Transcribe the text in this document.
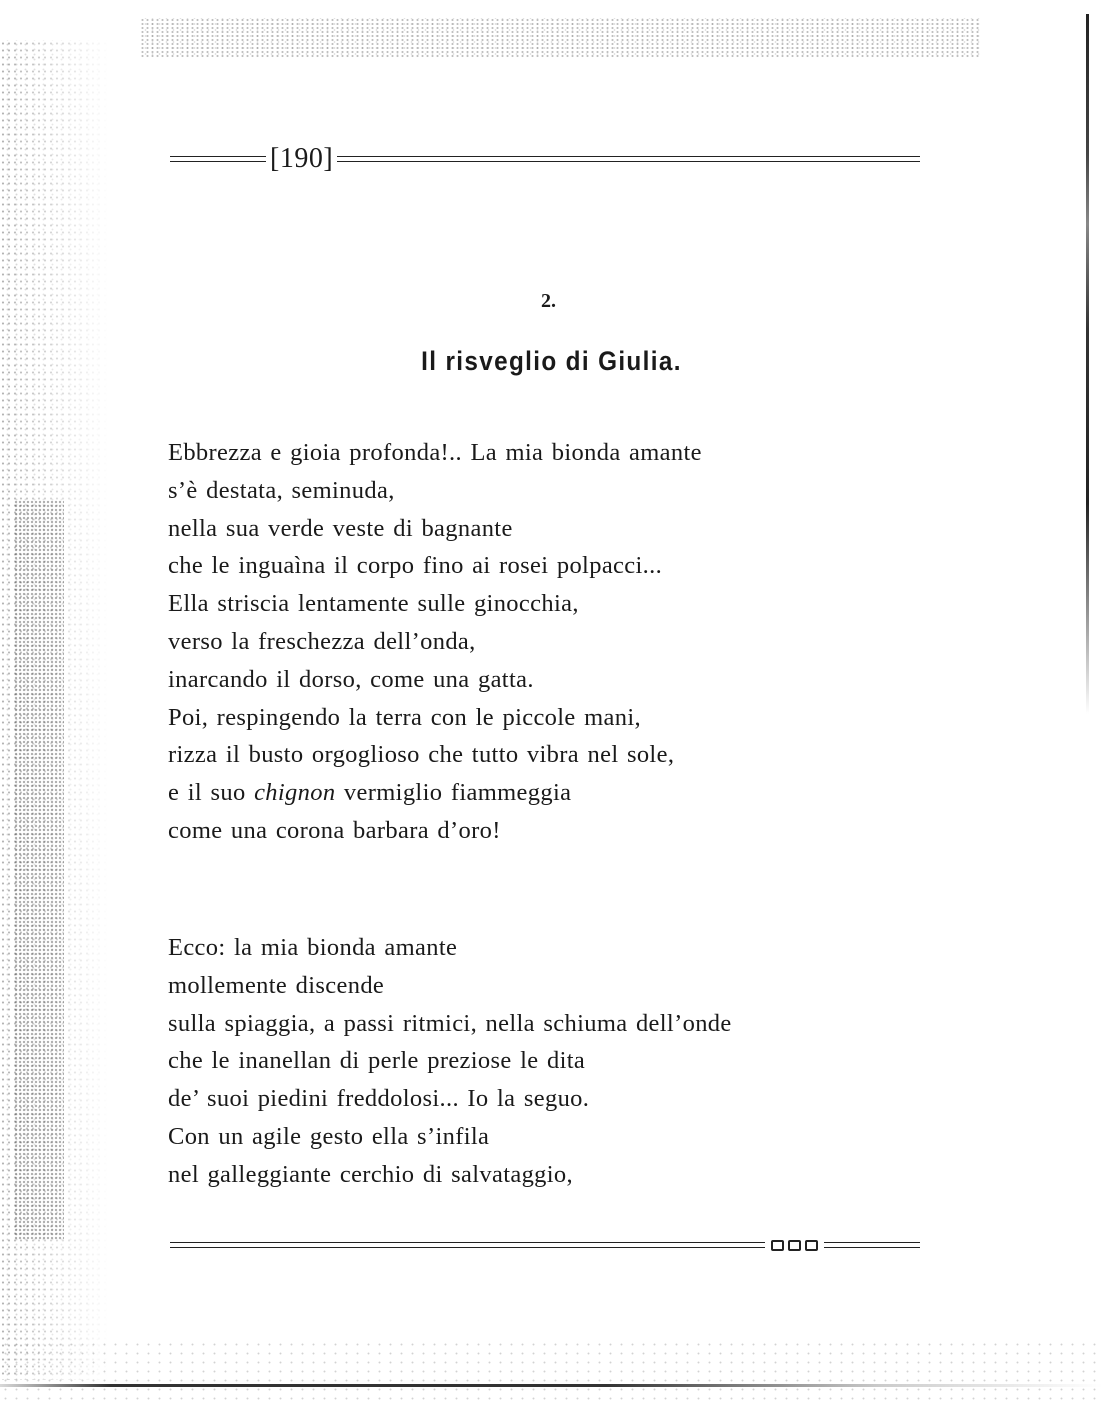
[190]
2.
Il risveglio di Giulia.
Ebbrezza e gioia profonda!.. La mia bionda amante
s’è destata, seminuda,
nella sua verde veste di bagnante
che le inguaìna il corpo fino ai rosei polpacci...
Ella striscia lentamente sulle ginocchia,
verso la freschezza dell’onda,
inarcando il dorso, come una gatta.
Poi, respingendo la terra con le piccole mani,
rizza il busto orgoglioso che tutto vibra nel sole,
e il suo chignon vermiglio fiammeggia
come una corona barbara d’oro!
Ecco: la mia bionda amante
mollemente discende
sulla spiaggia, a passi ritmici, nella schiuma dell’onde
che le inanellan di perle preziose le dita
de’ suoi piedini freddolosi... Io la seguo.
Con un agile gesto ella s’infila
nel galleggiante cerchio di salvataggio,
